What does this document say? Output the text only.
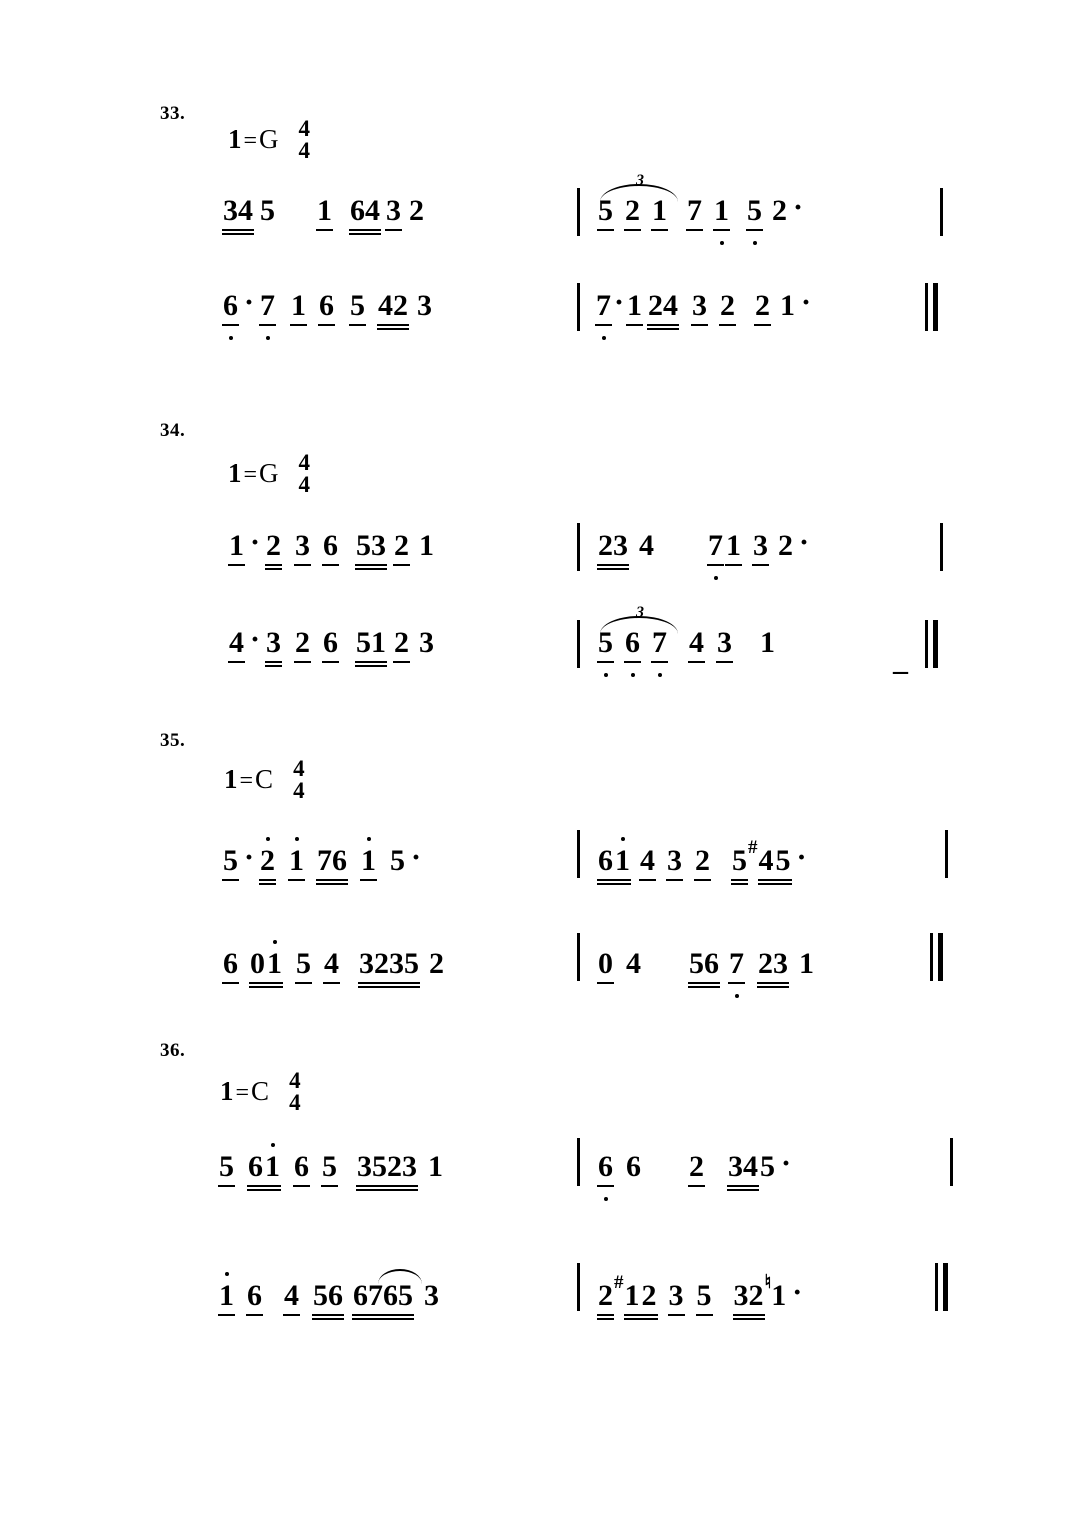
33.
1=G 4
4
34 5 1 64 3 2
3
5 2 1 7 1 5 2 ·
6 · 7 1 6 5 42 3	7 · 1 24 3 2 2 1 ·
34.
1=G 4
4
1 · 2 3 6 53 2 1	23 4 7 1 3 2 ·
4 · 3 2 6 51 2 3
3
5 6 7 4 3 1
–
35.
1=C 4
4
5 · 2 1 76 1 5 ·	6 1 4 3 2 5 # 4 5 ·
6 0 1 5 4 3235 2	0 4 56 7 23 1
36.
1=C 4
4
5 6 1 6 5 3523 1	6 6 2 34 5 ·
1 6 4 56 6765 3	2 # 1 2 3 5 32 ♮ 1 ·
